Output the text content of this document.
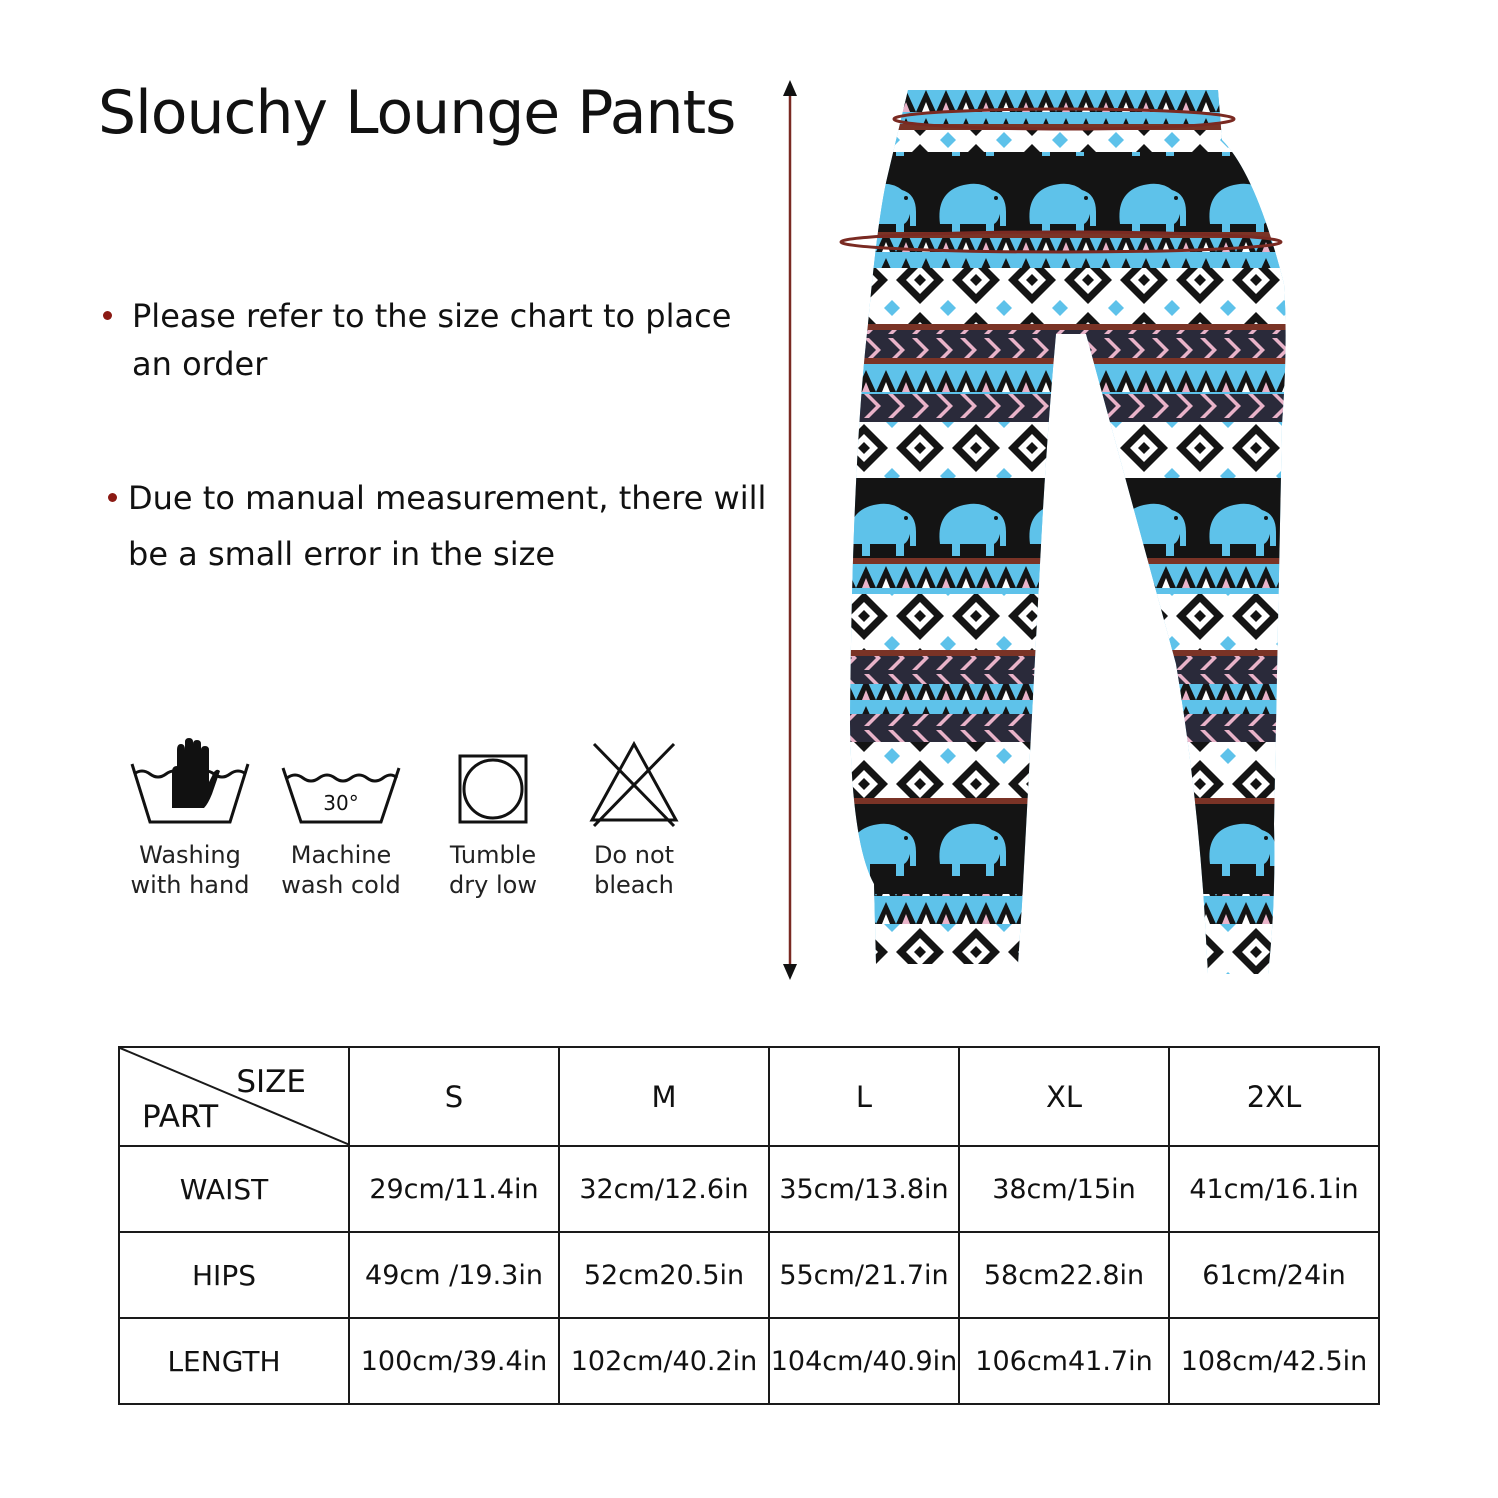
Slouchy Lounge Pants
Please refer to the size chart to place an order
Due to manual measurement, there will be a small error in the size
Washing
with hand
30°
Machine
wash cold
Tumble
dry low
Do not
bleach
SIZE
PART	S	M	L	XL	2XL
WAIST	29cm/11.4in	32cm/12.6in	35cm/13.8in	38cm/15in	41cm/16.1in
HIPS	49cm /19.3in	52cm20.5in	55cm/21.7in	58cm22.8in	61cm/24in
LENGTH	100cm/39.4in	102cm/40.2in	104cm/40.9in	106cm41.7in	108cm/42.5in
